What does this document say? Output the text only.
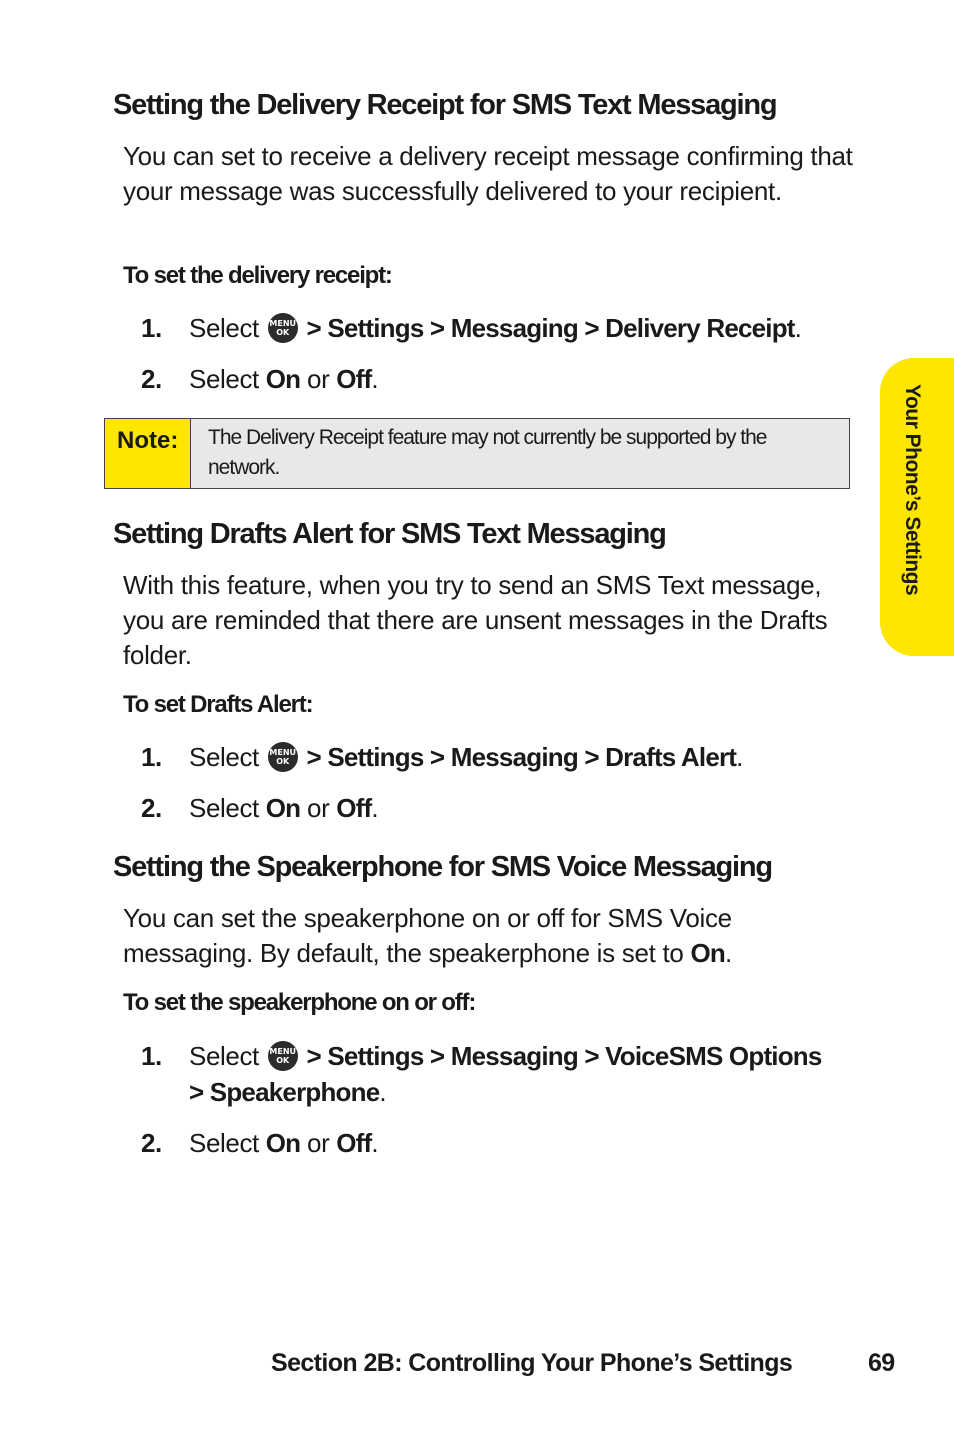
Your Phone’s Settings
Setting the Delivery Receipt for SMS Text Messaging

You can set to receive a delivery receipt message confirming that your message was successfully delivered to your recipient.

To set the delivery receipt:
1. Select MENU
OK > Settings > Messaging > Delivery Receipt.
2. Select On or Off.
Note:	The Delivery Receipt feature may not currently be supported by the network.
Setting Drafts Alert for SMS Text Messaging

With this feature, when you try to send an SMS Text message, you are reminded that there are unsent messages in the Drafts folder.

To set Drafts Alert:
1. Select MENU
OK > Settings > Messaging > Drafts Alert.
2. Select On or Off.
Setting the Speakerphone for SMS Voice Messaging

You can set the speakerphone on or off for SMS Voice messaging. By default, the speakerphone is set to On.

To set the speakerphone on or off:
1. Select MENU
OK > Settings > Messaging > VoiceSMS Options > Speakerphone.
2. Select On or Off.
Section 2B: Controlling Your Phone’s Settings	69
